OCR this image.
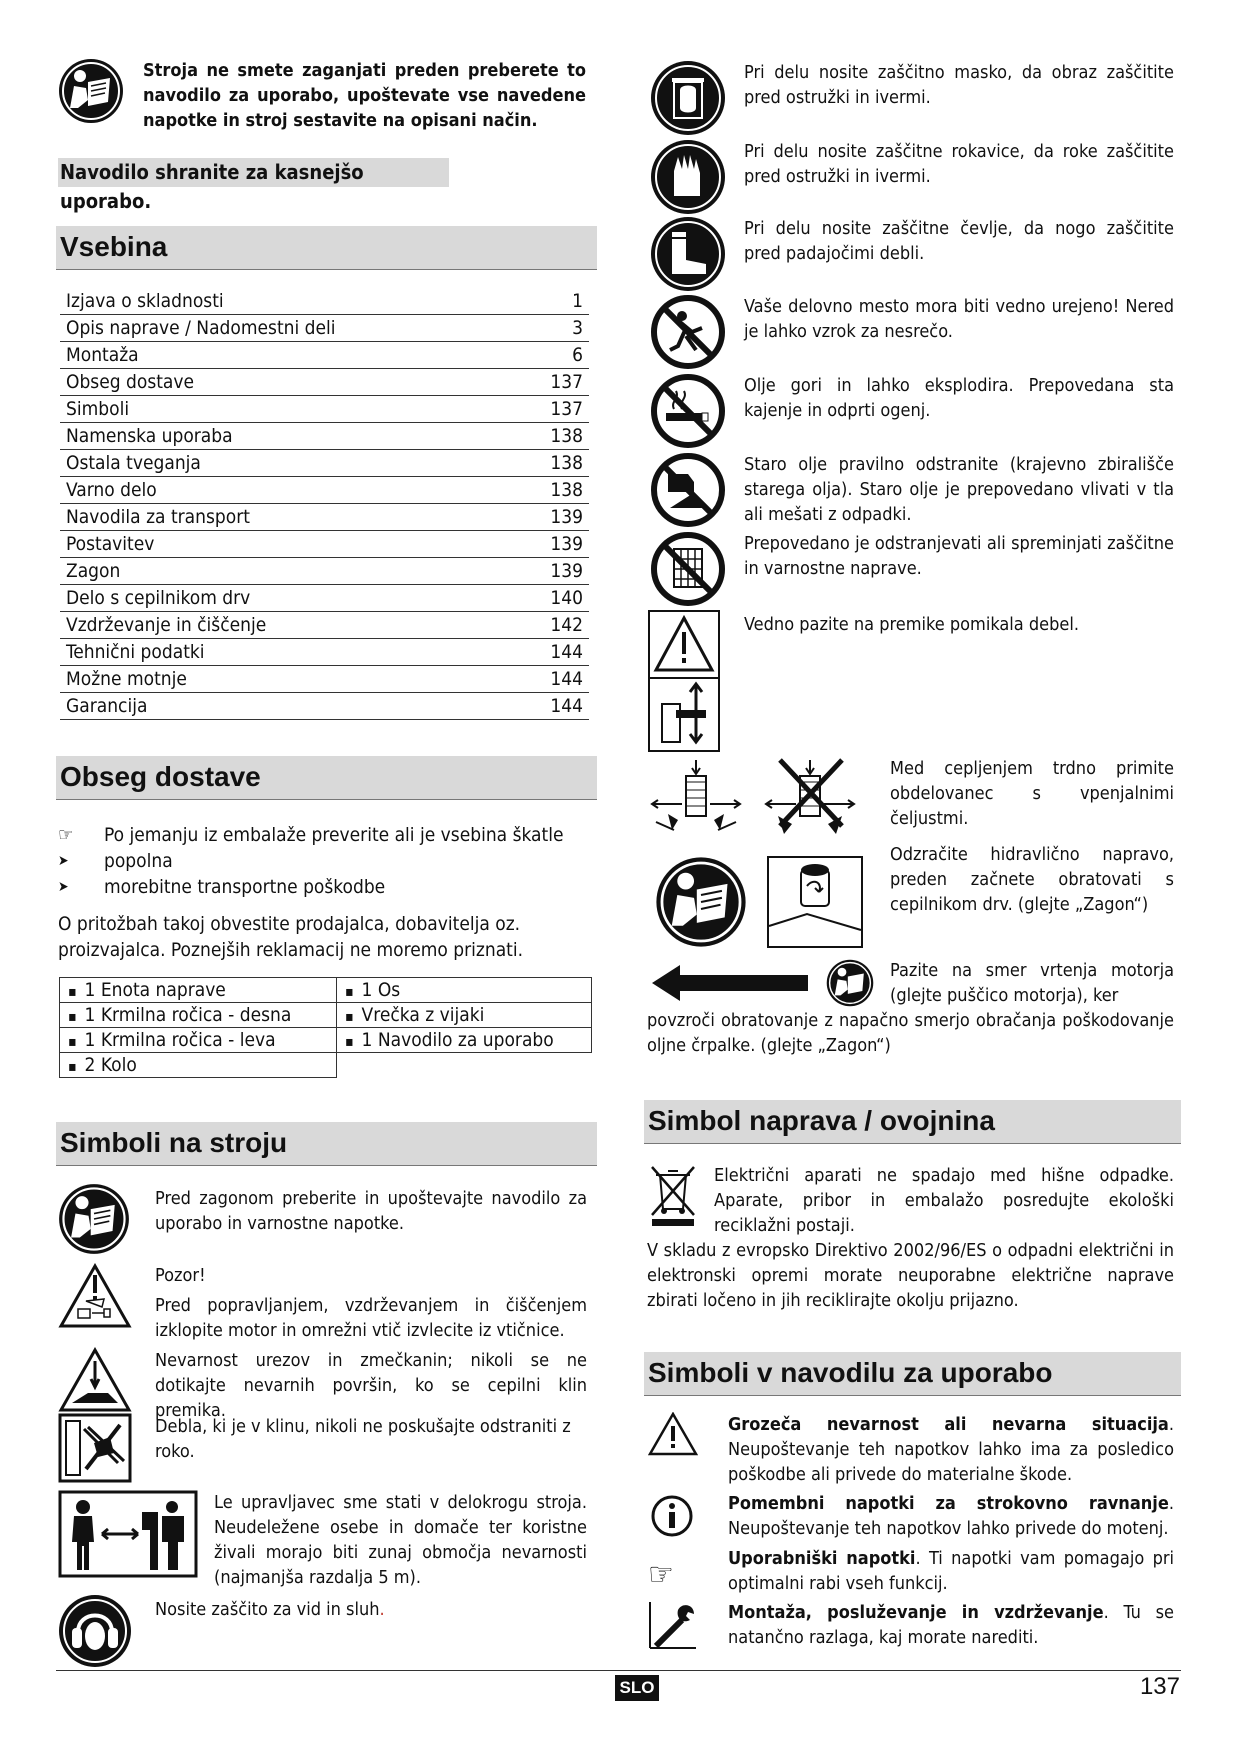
Stroja ne smete zaganjati preden preberete to navodilo za uporabo, upoštevate vse navedene napotke in stroj sestavite na opisani način.
Navodilo shranite za kasnejšo uporabo.
Vsebina
Izjava o skladnosti	1
Opis naprave / Nadomestni deli	3
Montaža	6
Obseg dostave	137
Simboli	137
Namenska uporaba	138
Ostala tveganja	138
Varno delo	138
Navodila za transport	139
Postavitev	139
Zagon	139
Delo s cepilnikom drv	140
Vzdrževanje in čiščenje	142
Tehnični podatki	144
Možne motnje	144
Garancija	144
Obseg dostave
☞	Po jemanju iz embalaže preverite ali je vsebina škatle
➤	popolna
➤	morebitne transportne poškodbe
O pritožbah takoj obvestite prodajalca, dobavitelja oz. proizvajalca. Poznejših reklamacij ne moremo priznati.
▪ 1 Enota naprave	▪ 1 Os
▪ 1 Krmilna ročica - desna	▪ Vrečka z vijaki
▪ 1 Krmilna ročica - leva	▪ 1 Navodilo za uporabo
▪ 2 Kolo	
Simboli na stroju
Pred zagonom preberite in upoštevajte navodilo za uporabo in varnostne napotke.
Pozor!
Pred popravljanjem, vzdrževanjem in čiščenjem izklopite motor in omrežni vtič izvlecite iz vtičnice.
Nevarnost urezov in zmečkanin; nikoli se ne dotikajte nevarnih površin, ko se cepilni klin premika.
Debla, ki je v klinu, nikoli ne poskušajte odstraniti z roko.
Le upravljavec sme stati v delokrogu stroja. Neudeležene osebe in domače ter koristne živali morajo biti zunaj območja nevarnosti (najmanjša razdalja 5 m).
Nosite zaščito za vid in sluh.
Pri delu nosite zaščitno masko, da obraz zaščitite pred ostružki in ivermi.
Pri delu nosite zaščitne rokavice, da roke zaščitite pred ostružki in ivermi.
Pri delu nosite zaščitne čevlje, da nogo zaščitite pred padajočimi debli.
Vaše delovno mesto mora biti vedno urejeno! Nered je lahko vzrok za nesrečo.
Olje gori in lahko eksplodira. Prepovedana sta kajenje in odprti ogenj.
Staro olje pravilno odstranite (krajevno zbirališče starega olja). Staro olje je prepovedano vlivati v tla ali mešati z odpadki.
Prepovedano je odstranjevati ali spreminjati zaščitne in varnostne naprave.
Vedno pazite na premike pomikala debel.
Med cepljenjem trdno primite obdelovanec s vpenjalnimi čeljustmi.
Odzračite hidravlično napravo, preden začnete obratovati s cepilnikom drv. (glejte „Zagon“)
Pazite na smer vrtenja motorja (glejte puščico motorja), ker
povzroči obratovanje z napačno smerjo obračanja poškodovanje oljne črpalke. (glejte „Zagon“)
Simbol naprava / ovojnina
Električni aparati ne spadajo med hišne odpadke. Aparate, pribor in embalažo posredujte ekološki reciklažni postaji.
V skladu z evropsko Direktivo 2002/96/ES o odpadni električni in elektronski opremi morate neuporabne električne naprave zbirati ločeno in jih reciklirajte okolju prijazno.
Simboli v navodilu za uporabo
Grozeča nevarnost ali nevarna situacija. Neupoštevanje teh napotkov lahko ima za posledico poškodbe ali privede do materialne škode.
Pomembni napotki za strokovno ravnanje. Neupoštevanje teh napotkov lahko privede do motenj.
☞	Uporabniški napotki. Ti napotki vam pomagajo pri optimalni rabi vseh funkcij.
Montaža, posluževanje in vzdrževanje. Tu se natančno razlaga, kaj morate narediti.
SLO	137
